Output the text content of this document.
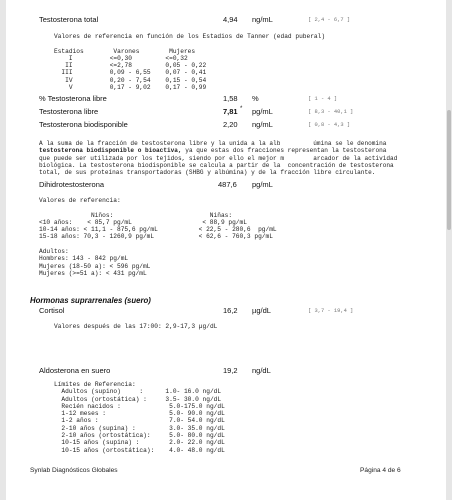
Testosterona total	4,94 ng/mL	[ 2,4 - 6,7 ]
Valores de referencia en función de los Estadios de Tanner (edad puberal)

Estadios        Varones        Mujeres
I          <=0,30         <=0,32
II          <=2,78         0,05 - 0,22
III          0,09 - 6,55    0,07 - 0,41
IV          0,20 - 7,54    0,15 - 0,54
V          0,17 - 9,02    0,17 - 0,99
% Testosterona libre	1,58 %	[ 1 - 4 ]
Testosterona libre	7,81 * pg/mL	[ 8,3 - 40,1 ]
Testosterona biodisponible	2,20 ng/mL	[ 0,8 - 4,3 ]
A la suma de la fracción de testosterona libre y la unida a la alb         úmina se le denomina
testosterona biodisponible o bioactiva, ya que estas dos fracciones representan la testosterona
que puede ser utilizada por los tejidos, siendo por ello el mejor m        arcador de la actividad
biológica. La testosterona biodisponible se calcula a partir de la  concentración de testosterona
total, de sus proteínas transportadoras (SHBG y albúmina) y de la fracción libre circulante.
Dihidrotestosterona	487,6 pg/mL
Valores de referencia:

Niños:                          Niñas:
<10 años:    < 85,7 pg/mL                   < 88,9 pg/mL
10-14 años: < 11,1 - 875,6 pg/mL           < 22,5 - 280,6  pg/mL
15-18 años: 70,3 - 1260,9 pg/mL            < 62,6 - 760,3 pg/mL

Adultos:
Hombres: 143 - 842 pg/mL
Mujeres (18-50 a): < 596 pg/mL
Mujeres (>=51 a): < 431 pg/mL
Hormonas suprarrenales (suero)
Cortisol	16,2 µg/dL	[ 3,7 - 19,4 ]
Valores después de las 17:00: 2,9-17,3 µg/dL
Aldosterona en suero	19,2 ng/dL
Límites de Referencia:
Adultos (supino)     :      1.0- 16.0 ng/dL
Adultos (ortostática) :     3.5- 30.0 ng/dL
Recién nacidos :             5.0-175.0 ng/dL
1-12 meses :                 5.0- 90.0 ng/dL
1-2 años :                   7.0- 54.0 ng/dL
2-10 años (supina) :         3.0- 35.0 ng/dL
2-10 años (ortostática):     5.0- 80.0 ng/dL
10-15 años (supina) :        2.0- 22.0 ng/dL
10-15 años (ortostática):    4.0- 48.0 ng/dL
Synlab Diagnósticos Globales	Página 4 de 6
